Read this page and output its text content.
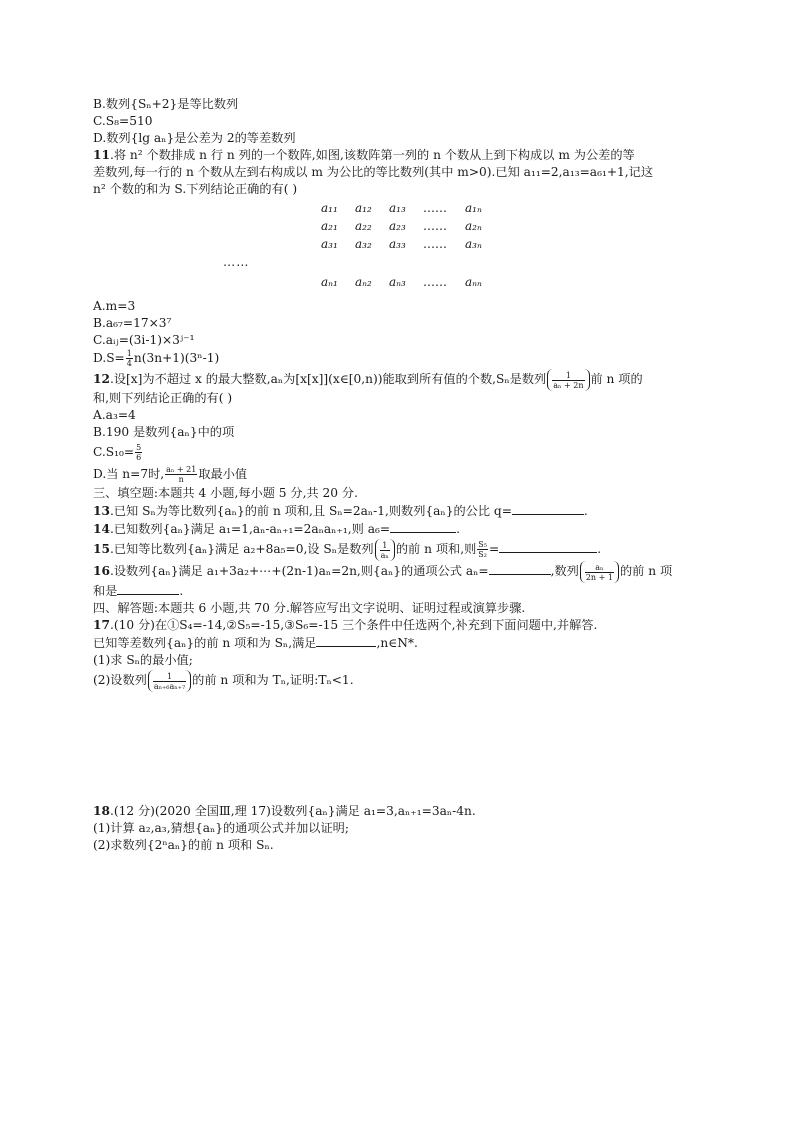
B.数列{Sₙ+2}是等比数列
C.S₈=510
D.数列{lg aₙ}是公差为 2的等差数列
11.将 n² 个数排成 n 行 n 列的一个数阵,如图,该数阵第一列的 n 个数从上到下构成以 m 为公差的等
差数列,每一行的 n 个数从左到右构成以 m 为公比的等比数列(其中 m>0).已知 a₁₁=2,a₁₃=a₆₁+1,记这
n² 个数的和为 S.下列结论正确的有( )
a₁₁	a₁₂	a₁₃	……	a₁ₙ
a₂₁	a₂₂	a₂₃	……	a₂ₙ
a₃₁	a₃₂	a₃₃	……	a₃ₙ
……
aₙ₁	aₙ₂	aₙ₃	……	aₙₙ
A.m=3
B.a₆₇=17×3⁷
C.aᵢⱼ=(3i-1)×3ʲ⁻¹
$D.S= \frac{1}{4} n(3n+1)(3^n-1)$
12.设[x]为不超过 x 的最大整数,aₙ为[x[x]](x∈[0,n))能取到所有值的个数,Sₙ是数列 $\frac{1}{\text{aₙ + 2n}}$ 前 n 项的
和,则下列结论正确的有( )
A.a₃=4
B.190 是数列{aₙ}中的项
$C.S_{10}= \frac{5}{6}$
D.当 n=7时, $\frac{\text{aₙ + 21}}{n}$ 取最小值
三、填空题:本题共 4 小题,每小题 5 分,共 20 分.
13.已知 Sₙ为等比数列{aₙ}的前 n 项和,且 Sₙ=2aₙ-1,则数列{aₙ}的公比 q=	.
14.已知数列{aₙ}满足 a₁=1,aₙ-aₙ₊₁=2aₙaₙ₊₁,则 a₆=	.
15.已知等比数列{aₙ}满足 a₂+8a₅=0,设 Sₙ是数列 $\frac{1}{\text{aₙ}}$ 的前 n 项和,则 $\frac{\text{S₅}}{\text{S₂}}$ =	.
16.设数列{aₙ}满足 a₁+3a₂+⋯+(2n-1)aₙ=2n,则{aₙ}的通项公式 aₙ=	,数列 $\frac{\text{aₙ}}{2n + 1}$ 的前 n 项
和是	.
四、解答题:本题共 6 小题,共 70 分.解答应写出文字说明、证明过程或演算步骤.
17.(10 分)在①S₄=-14,②S₅=-15,③S₆=-15 三个条件中任选两个,补充到下面问题中,并解答.
已知等差数列{aₙ}的前 n 项和为 Sₙ,满足	,n∈N*.
(1)求 Sₙ的最小值;
(2)设数列 $\frac{1}{\text{aₙ₊₆aₙ₊₇}}$ 的前 n 项和为 Tₙ,证明:Tₙ<1.
18.(12 分)(2020 全国Ⅲ,理 17)设数列{aₙ}满足 a₁=3,aₙ₊₁=3aₙ-4n.
(1)计算 a₂,a₃,猜想{aₙ}的通项公式并加以证明;
(2)求数列{2ⁿaₙ}的前 n 项和 Sₙ.
